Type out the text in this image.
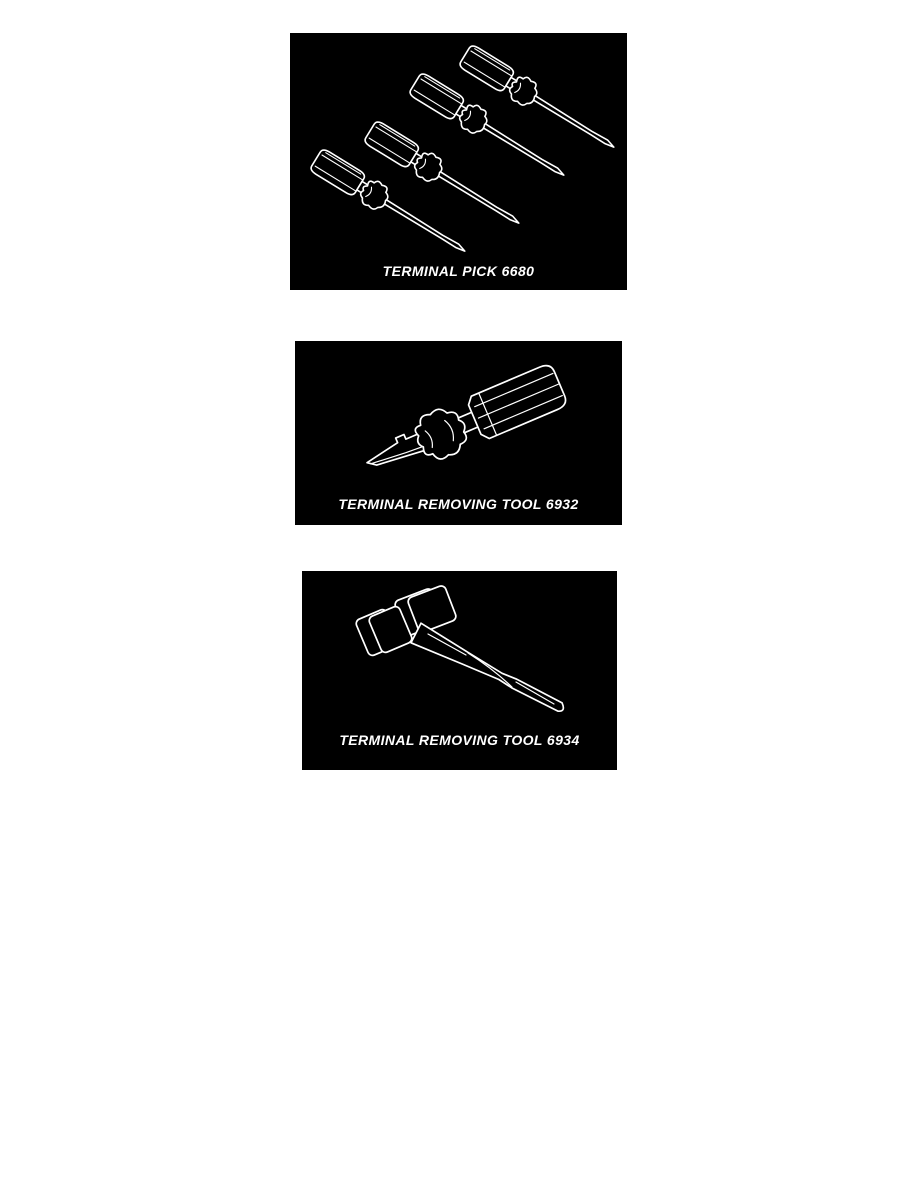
TERMINAL PICK 6680
TERMINAL REMOVING TOOL 6932
TERMINAL REMOVING TOOL 6934
